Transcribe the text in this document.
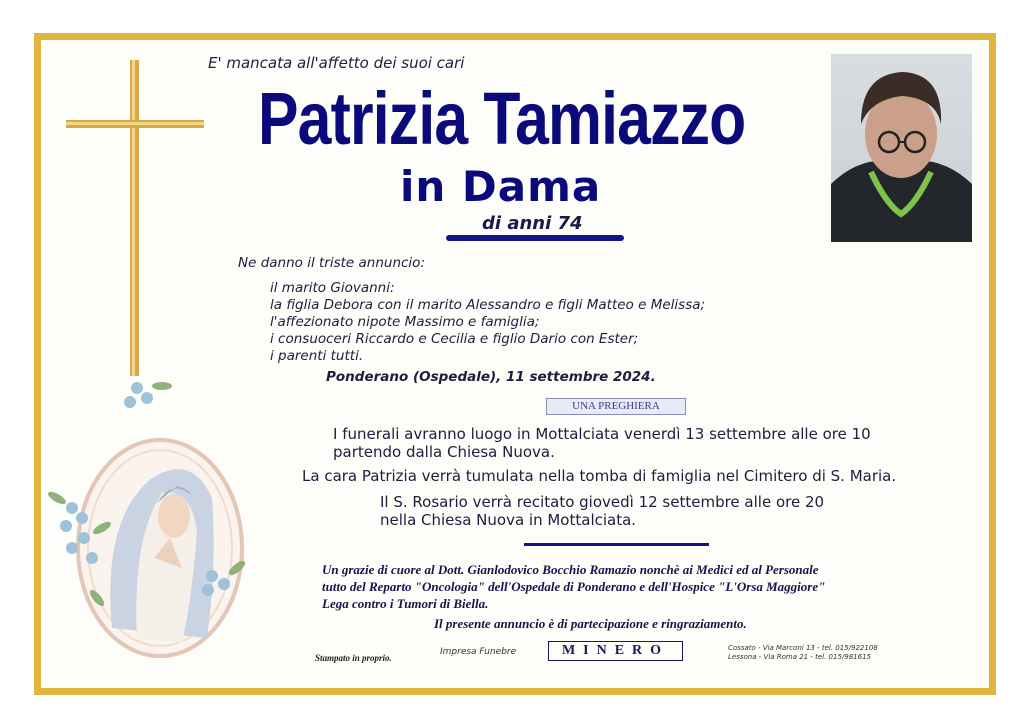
E' mancata all'affetto dei suoi cari
Patrizia Tamiazzo
in Dama
di anni 74
Ne danno il triste annuncio:
il marito Giovanni:
la figlia Debora con il marito Alessandro e figli Matteo e Melissa;
l'affezionato nipote Massimo e famiglia;
i consuoceri Riccardo e Cecilia e figlio Dario con Ester;
i parenti tutti.
Ponderano (Ospedale), 11 settembre 2024.
UNA PREGHIERA
I funerali avranno luogo in Mottalciata venerdì 13 settembre alle ore 10
partendo dalla Chiesa Nuova.
La cara Patrizia verrà tumulata nella tomba di famiglia nel Cimitero di S. Maria.
Il S. Rosario verrà recitato giovedì 12 settembre alle ore 20
nella Chiesa Nuova in Mottalciata.
Un grazie di cuore al Dott. Gianlodovico Bocchio Ramazio nonchè ai Medici ed al Personale
tutto del Reparto "Oncologia" dell'Ospedale di Ponderano e dell'Hospice "L'Orsa Maggiore"
Lega contro i Tumori di Biella.
Il presente annuncio è di partecipazione e ringraziamento.
Stampato in proprio.
Impresa Funebre	MINERO	Cossato - Via Marconi 13 - tel. 015/922108
Lessona - Via Roma 21 - tel. 015/981615
